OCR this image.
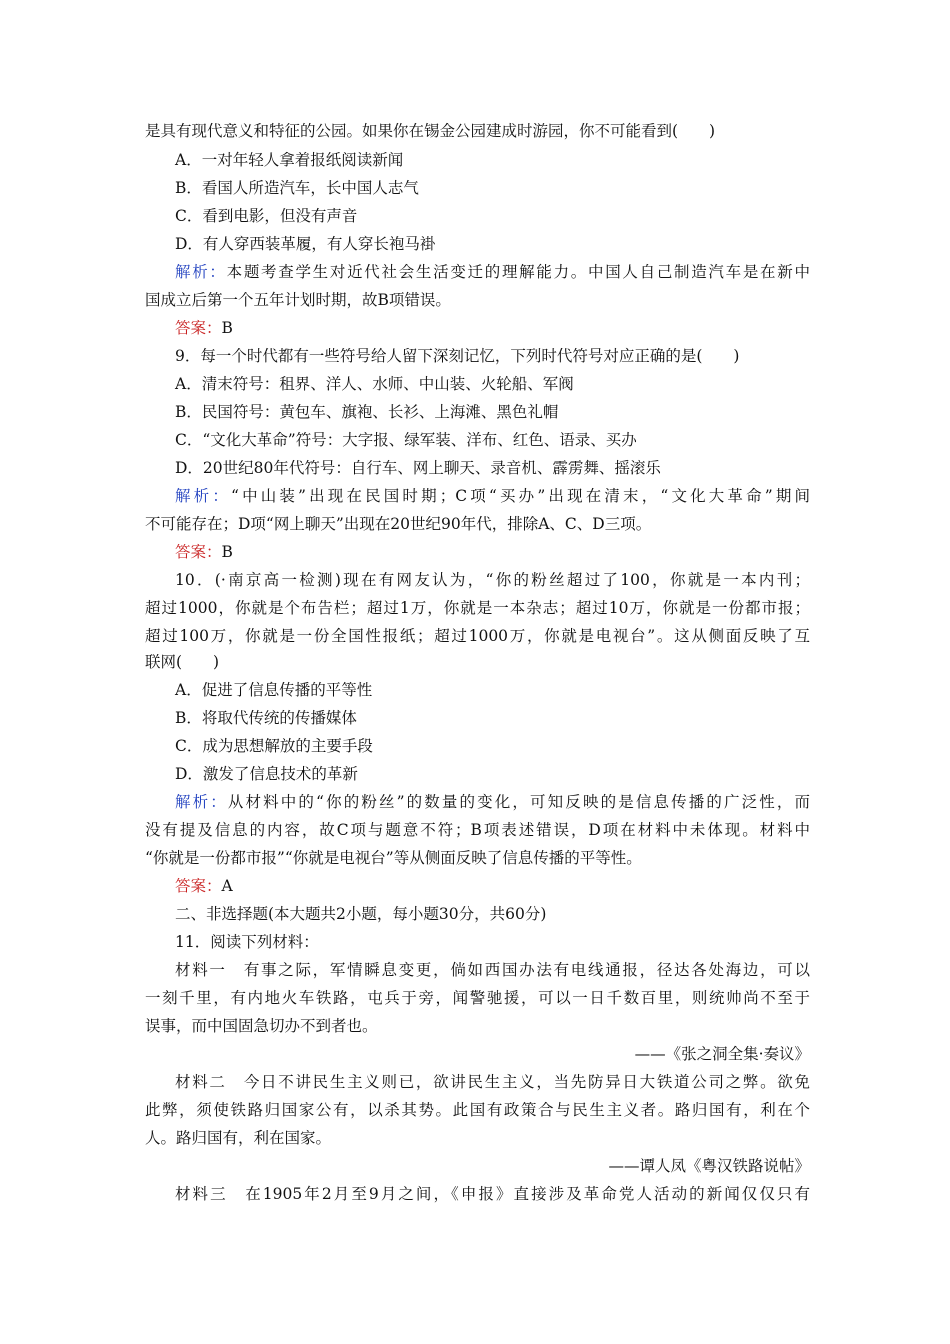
是具有现代意义和特征的公园。如果你在锡金公园建成时游园，你不可能看到(　　)
A．一对年轻人拿着报纸阅读新闻
B．看国人所造汽车，长中国人志气
C．看到电影，但没有声音
D．有人穿西装革履，有人穿长袍马褂
解析：本题考查学生对近代社会生活变迁的理解能力。中国人自己制造汽车是在新中
国成立后第一个五年计划时期，故B项错误。
答案：B
9．每一个时代都有一些符号给人留下深刻记忆，下列时代符号对应正确的是(　　)
A．清末符号：租界、洋人、水师、中山装、火轮船、军阀
B．民国符号：黄包车、旗袍、长衫、上海滩、黑色礼帽
C．“文化大革命”符号：大字报、绿军装、洋布、红色、语录、买办
D．20世纪80年代符号：自行车、网上聊天、录音机、霹雳舞、摇滚乐
解析：“中山装”出现在民国时期；C项“买办”出现在清末，“文化大革命”期间
不可能存在；D项“网上聊天”出现在20世纪90年代，排除A、C、D三项。
答案：B
10．(·南京高一检测)现在有网友认为，“你的粉丝超过了100，你就是一本内刊；
超过1000，你就是个布告栏；超过1万，你就是一本杂志；超过10万，你就是一份都市报；
超过100万，你就是一份全国性报纸；超过1000万，你就是电视台”。这从侧面反映了互
联网(　　)
A．促进了信息传播的平等性
B．将取代传统的传播媒体
C．成为思想解放的主要手段
D．激发了信息技术的革新
解析：从材料中的“你的粉丝”的数量的变化，可知反映的是信息传播的广泛性，而
没有提及信息的内容，故C项与题意不符；B项表述错误，D项在材料中未体现。材料中
“你就是一份都市报”“你就是电视台”等从侧面反映了信息传播的平等性。
答案：A
二、非选择题(本大题共2小题，每小题30分，共60分)
11．阅读下列材料：
材料一　有事之际，军情瞬息变更，倘如西国办法有电线通报，径达各处海边，可以
一刻千里，有内地火车铁路，屯兵于旁，闻警驰援，可以一日千数百里，则统帅尚不至于
误事，而中国固急切办不到者也。
——《张之洞全集·奏议》
材料二　今日不讲民生主义则已，欲讲民生主义，当先防异日大铁道公司之弊。欲免
此弊，须使铁路归国家公有，以杀其势。此国有政策合与民生主义者。路归国有，利在个
人。路归国有，利在国家。
——谭人凤《粤汉铁路说帖》
材料三　在1905年2月至9月之间，《申报》直接涉及革命党人活动的新闻仅仅只有
